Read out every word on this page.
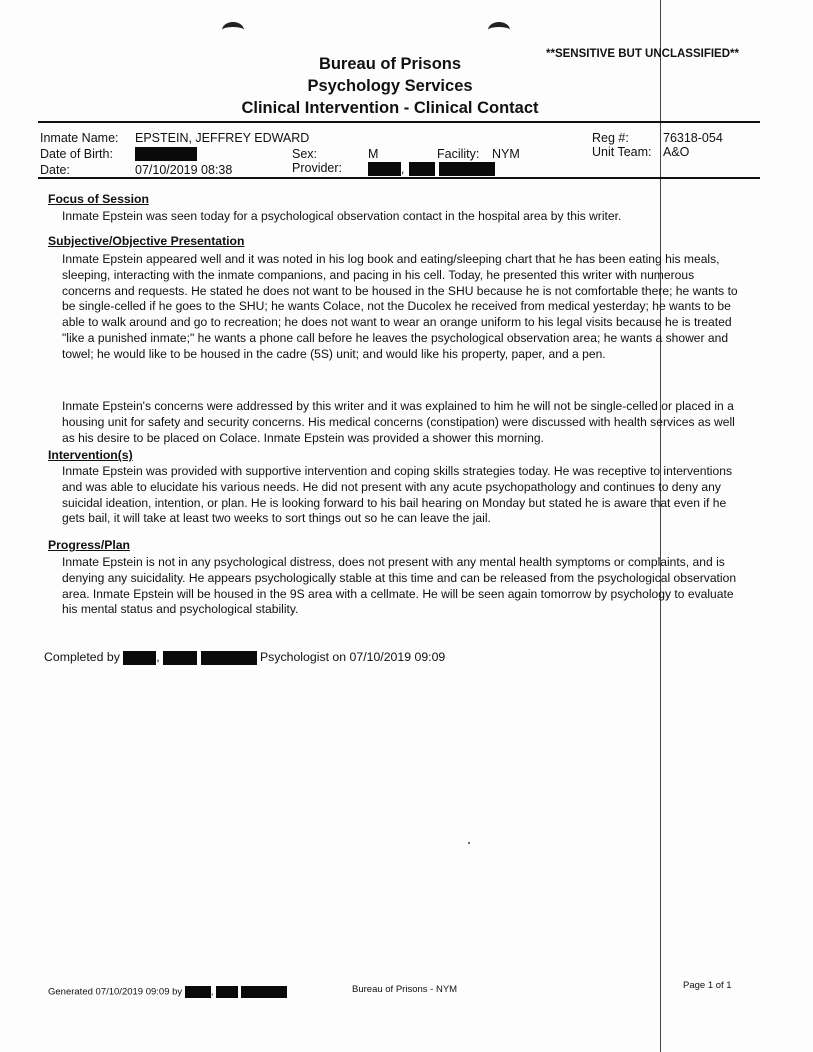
Bureau of Prisons
Psychology Services
Clinical Intervention - Clinical Contact
**SENSITIVE BUT UNCLASSIFIED**
Inmate Name: EPSTEIN, JEFFREY EDWARD
Date of Birth:
Date:	07/10/2019 08:38
Sex:	M
Provider:	,
Facility: NYM
Reg #:	76318-054
Unit Team: A&O
Focus of Session
Inmate Epstein was seen today for a psychological observation contact in the hospital area by this writer.
Subjective/Objective Presentation
Inmate Epstein appeared well and it was noted in his log book and eating/sleeping chart that he has been eating his meals, sleeping, interacting with the inmate companions, and pacing in his cell. Today, he presented this writer with numerous concerns and requests. He stated he does not want to be housed in the SHU because he is not comfortable there; he wants to be single-celled if he goes to the SHU; he wants Colace, not the Ducolex he received from medical yesterday; he wants to be able to walk around and go to recreation; he does not want to wear an orange uniform to his legal visits because he is treated "like a punished inmate;" he wants a phone call before he leaves the psychological observation area; he wants a shower and towel; he would like to be housed in the cadre (5S) unit; and would like his property, paper, and a pen.
Inmate Epstein's concerns were addressed by this writer and it was explained to him he will not be single-celled or placed in a housing unit for safety and security concerns. His medical concerns (constipation) were discussed with health services as well as his desire to be placed on Colace. Inmate Epstein was provided a shower this morning.
Intervention(s)
Inmate Epstein was provided with supportive intervention and coping skills strategies today. He was receptive to interventions and was able to elucidate his various needs. He did not present with any acute psychopathology and continues to deny any suicidal ideation, intention, or plan. He is looking forward to his bail hearing on Monday but stated he is aware that even if he gets bail, it will take at least two weeks to sort things out so he can leave the jail.
Progress/Plan
Inmate Epstein is not in any psychological distress, does not present with any mental health symptoms or complaints, and is denying any suicidality. He appears psychologically stable at this time and can be released from the psychological observation area. Inmate Epstein will be housed in the 9S area with a cellmate. He will be seen again tomorrow by psychology to evaluate his mental status and psychological stability.
Completed by	,	Psychologist on 07/10/2019 09:09
Generated 07/10/2019 09:09 by	,	Bureau of Prisons - NYM	Page 1 of 1
